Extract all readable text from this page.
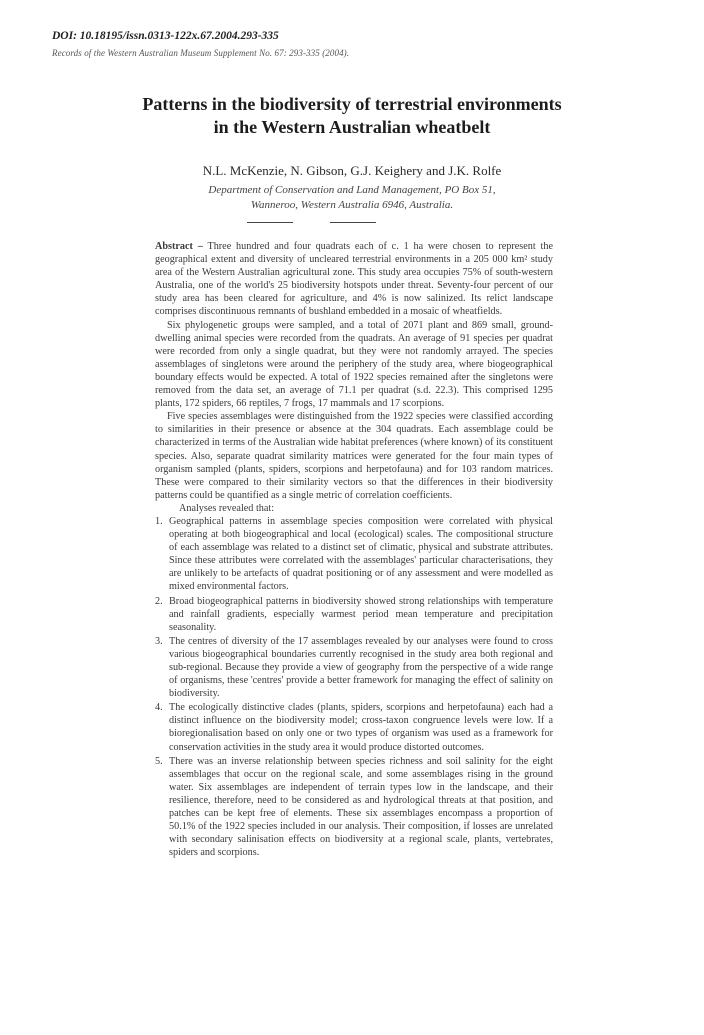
DOI: 10.18195/issn.0313-122x.67.2004.293-335
Records of the Western Australian Museum Supplement No. 67: 293-335 (2004).
Patterns in the biodiversity of terrestrial environments
in the Western Australian wheatbelt
N.L. McKenzie, N. Gibson, G.J. Keighery and J.K. Rolfe
Department of Conservation and Land Management, PO Box 51,
Wanneroo, Western Australia 6946, Australia.

Abstract – Three hundred and four quadrats each of c. 1 ha were chosen to represent the geographical extent and diversity of uncleared terrestrial environments in a 205 000 km² study area of the Western Australian agricultural zone. This study area occupies 75% of south-western Australia, one of the world's 25 biodiversity hotspots under threat. Seventy-four percent of our study area has been cleared for agriculture, and 4% is now salinized. Its relict landscape comprises discontinuous remnants of bushland embedded in a mosaic of wheatfields.

Six phylogenetic groups were sampled, and a total of 2071 plant and 869 small, ground-dwelling animal species were recorded from the quadrats. An average of 91 species per quadrat were recorded from only a single quadrat, but they were not randomly arrayed. The species assemblages of singletons were around the periphery of the study area, where biogeographical boundary effects would be expected. A total of 1922 species remained after the singletons were removed from the data set, an average of 71.1 per quadrat (s.d. 22.3). This comprised 1295 plants, 172 spiders, 66 reptiles, 7 frogs, 17 mammals and 17 scorpions.

Five species assemblages were distinguished from the 1922 species were classified according to similarities in their presence or absence at the 304 quadrats. Each assemblage could be characterized in terms of the Australian wide habitat preferences (where known) of its constituent species. Also, separate quadrat similarity matrices were generated for the four main types of organism sampled (plants, spiders, scorpions and herpetofauna) and for 103 random matrices. These were compared to their similarity vectors so that the differences in their biodiversity patterns could be quantified as a single metric of correlation coefficients.

Analyses revealed that:

1. Geographical patterns in assemblage species composition were correlated with physical operating at both biogeographical and local (ecological) scales. The compositional structure of each assemblage was related to a distinct set of climatic, physical and substrate attributes. Since these attributes were correlated with the assemblages' particular characterisations, they are unlikely to be artefacts of quadrat positioning or of any assessment and were modelled as mixed environmental factors.
2. Broad biogeographical patterns in biodiversity showed strong relationships with temperature and rainfall gradients, especially warmest period mean temperature and precipitation seasonality.
3. The centres of diversity of the 17 assemblages revealed by our analyses were found to cross various biogeographical boundaries currently recognised in the study area both regional and sub-regional. Because they provide a view of geography from the perspective of a wide range of organisms, these 'centres' provide a better framework for managing the effect of salinity on biodiversity.
4. The ecologically distinctive clades (plants, spiders, scorpions and herpetofauna) each had a distinct influence on the biodiversity model; cross-taxon congruence levels were low. If a bioregionalisation based on only one or two types of organism was used as a framework for conservation activities in the study area it would produce distorted outcomes.
5. There was an inverse relationship between species richness and soil salinity for the eight assemblages that occur on the regional scale, and some assemblages rising in the ground water. Six assemblages are independent of terrain types low in the landscape, and their resilience, therefore, need to be considered as and hydrological threats at that position, and patches can be kept free of elements. These six assemblages encompass a proportion of 50.1% of the 1922 species included in our analysis. Their composition, if losses are unrelated with secondary salinisation effects on biodiversity at a regional scale, plants, vertebrates, spiders and scorpions.
